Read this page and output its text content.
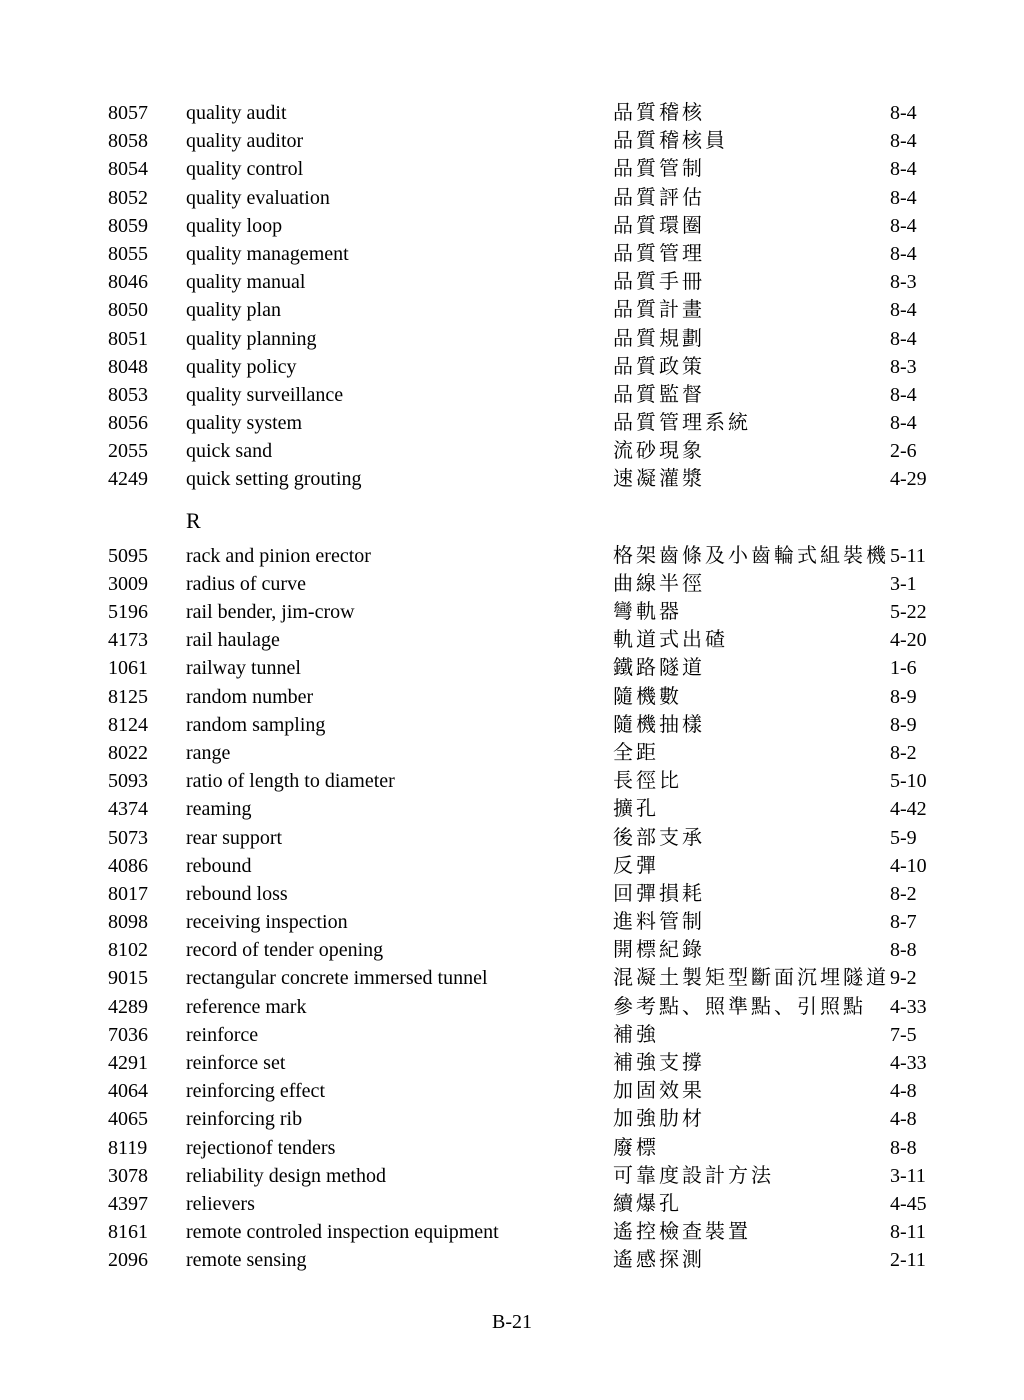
8057 quality audit	品質稽核	8-4
8058 quality auditor	品質稽核員	8-4
8054 quality control	品質管制	8-4
8052 quality evaluation	品質評估	8-4
8059 quality loop	品質環圈	8-4
8055 quality management	品質管理	8-4
8046 quality manual	品質手冊	8-3
8050 quality plan	品質計畫	8-4
8051 quality planning	品質規劃	8-4
8048 quality policy	品質政策	8-3
8053 quality surveillance	品質監督	8-4
8056 quality system	品質管理系統	8-4
2055 quick sand	流砂現象	2-6
4249 quick setting grouting	速凝灌漿	4-29
R
5095 rack and pinion erector	格架齒條及小齒輪式組裝機 5-11
3009 radius of curve	曲線半徑	3-1
5196 rail bender, jim-crow	彎軌器	5-22
4173 rail haulage	軌道式出碴	4-20
1061 railway tunnel	鐵路隧道	1-6
8125 random number	隨機數	8-9
8124 random sampling	隨機抽樣	8-9
8022 range	全距	8-2
5093 ratio of length to diameter	長徑比	5-10
4374 reaming	擴孔	4-42
5073 rear support	後部支承	5-9
4086 rebound	反彈	4-10
8017 rebound loss	回彈損耗	8-2
8098 receiving inspection	進料管制	8-7
8102 record of tender opening	開標紀錄	8-8
9015 rectangular concrete immersed tunnel	混凝土製矩型斷面沉埋隧道 9-2
4289 reference mark	參考點、照準點、引照點 4-33
7036 reinforce	補強	7-5
4291 reinforce set	補強支撐	4-33
4064 reinforcing effect	加固效果	4-8
4065 reinforcing rib	加強肋材	4-8
8119 rejectionof tenders	廢標	8-8
3078 reliability design method	可靠度設計方法	3-11
4397 relievers	續爆孔	4-45
8161 remote controled inspection equipment	遙控檢查裝置	8-11
2096 remote sensing	遙感探測	2-11
B-21
